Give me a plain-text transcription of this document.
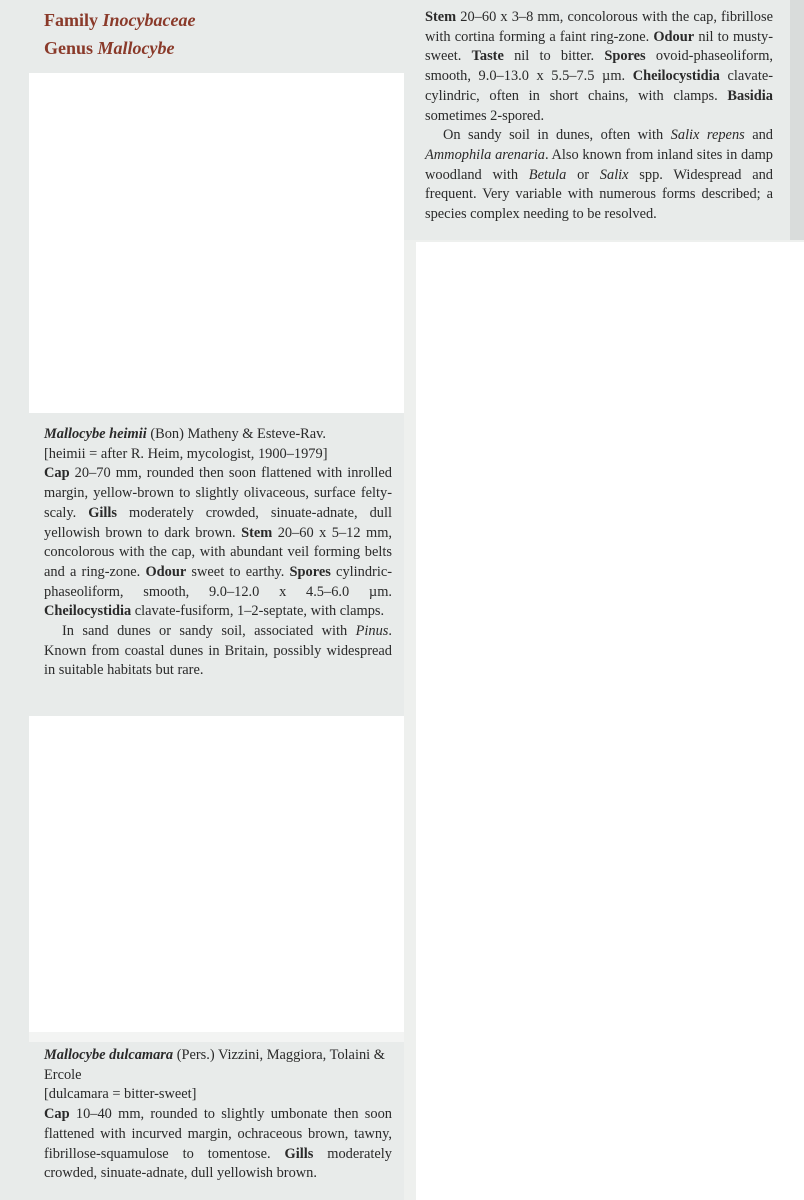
Family Inocybaceae
Genus Mallocybe

Mallocybe heimii (Bon) Matheny & Esteve-Rav.

[heimii = after R. Heim, mycologist, 1900–1979]

Cap 20–70 mm, rounded then soon flattened with inrolled margin, yellow-brown to slightly olivaceous, surface felty-scaly. Gills moderately crowded, sinuate-adnate, dull yellowish brown to dark brown. Stem 20–60 x 5–12 mm, concolorous with the cap, with abundant veil forming belts and a ring-zone. Odour sweet to earthy. Spores cylindric-phaseoliform, smooth, 9.0–12.0 x 4.5–6.0 µm. Cheilocystidia clavate-fusiform, 1–2-septate, with clamps.

In sand dunes or sandy soil, associated with Pinus. Known from coastal dunes in Britain, possibly widespread in suitable habitats but rare.

Mallocybe dulcamara (Pers.) Vizzini, Maggiora, Tolaini & Ercole

[dulcamara = bitter-sweet]

Cap 10–40 mm, rounded to slightly umbonate then soon flattened with incurved margin, ochraceous brown, tawny, fibrillose-squamulose to tomentose. Gills moderately crowded, sinuate-adnate, dull yellowish brown.

Stem 20–60 x 3–8 mm, concolorous with the cap, fibrillose with cortina forming a faint ring-zone. Odour nil to musty-sweet. Taste nil to bitter. Spores ovoid-phaseoliform, smooth, 9.0–13.0 x 5.5–7.5 µm. Cheilocystidia clavate-cylindric, often in short chains, with clamps. Basidia sometimes 2-spored.

On sandy soil in dunes, often with Salix repens and Ammophila arenaria. Also known from inland sites in damp woodland with Betula or Salix spp. Widespread and frequent. Very variable with numerous forms described; a species complex needing to be resolved.
